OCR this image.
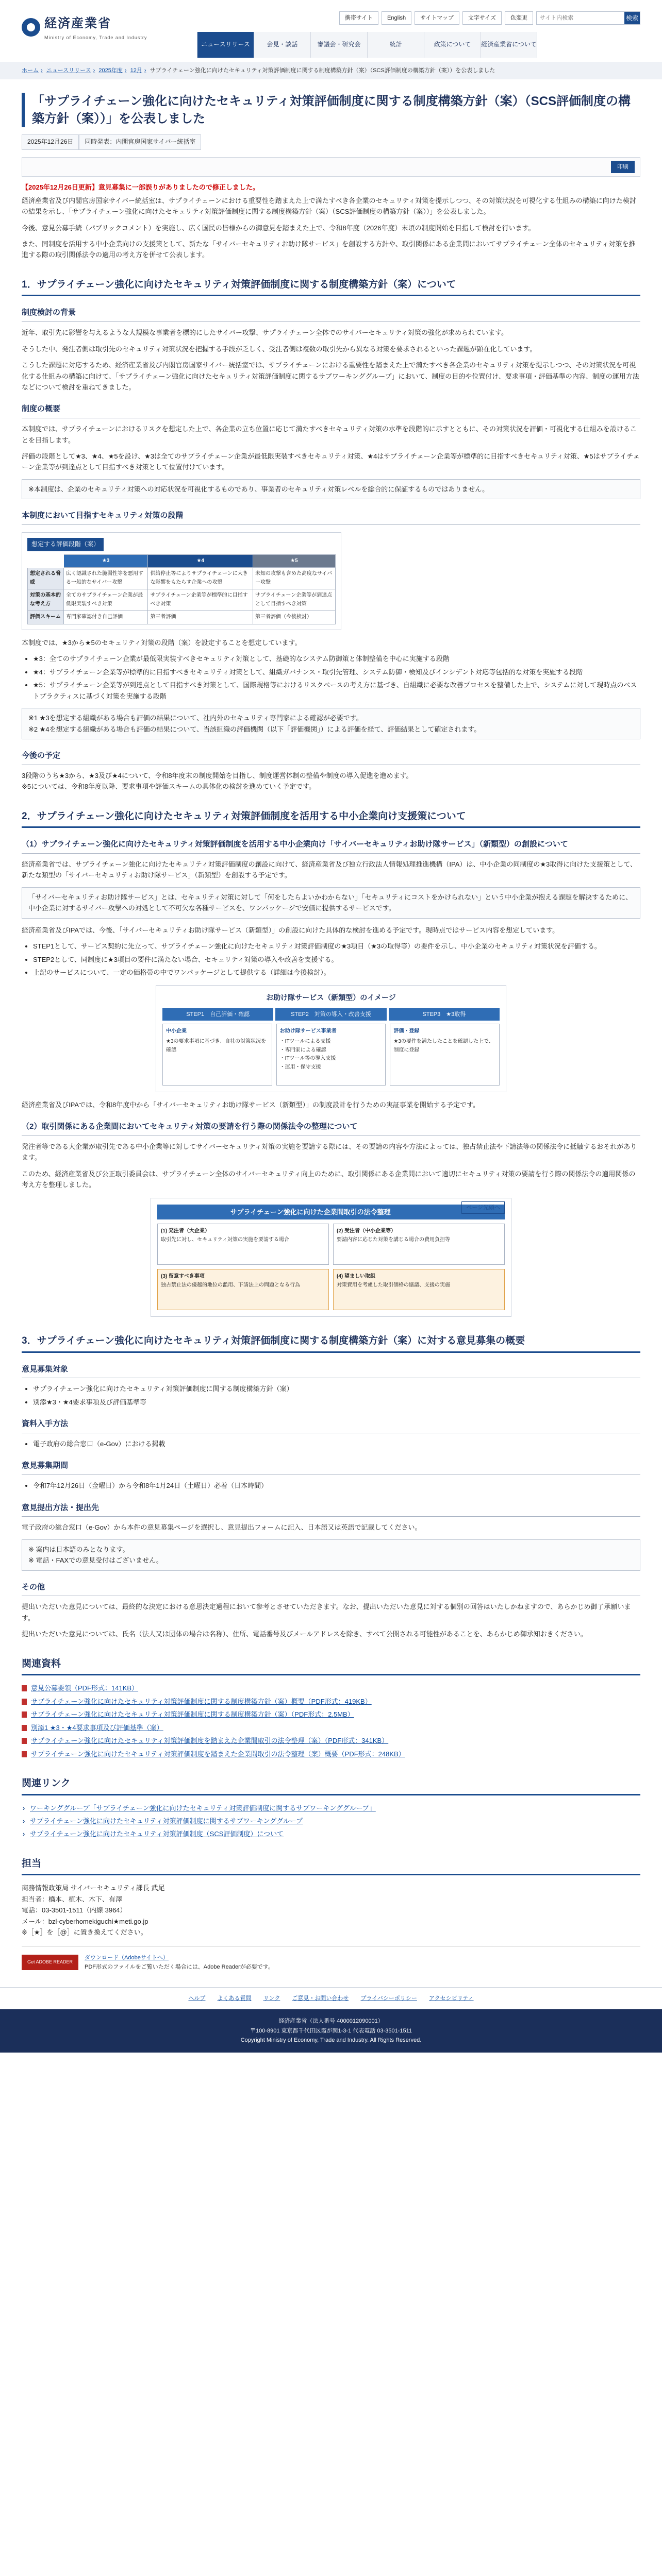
経済産業省
Ministry of Economy, Trade and Industry
携帯サイト	English	サイトマップ	文字サイズ	色変更
サイト内検索	検索
ニュースリリース	会見・談話	審議会・研究会	統計	政策について	経済産業省について
ホーム › ニュースリリース › 2025年度 › 12月 › サプライチェーン強化に向けたセキュリティ対策評価制度に関する制度構築方針（案）（SCS評価制度の構築方針（案））を公表しました
「サプライチェーン強化に向けたセキュリティ対策評価制度に関する制度構築方針（案）（SCS評価制度の構築方針（案））」を公表しました
2025年12月26日	同時発表：内閣官房国家サイバー統括室
印刷

【2025年12月26日更新】意見募集に一部誤りがありましたので修正しました。

経済産業省及び内閣官房国家サイバー統括室は、サプライチェーンにおける重要性を踏まえた上で満たすべき各企業のセキュリティ対策を提示しつつ、その対策状況を可視化する仕組みの構築に向けた検討の結果を示し、「サプライチェーン強化に向けたセキュリティ対策評価制度に関する制度構築方針（案）（SCS評価制度の構築方針（案））」を公表しました。

今後、意見公募手続（パブリックコメント）を実施し、広く国民の皆様からの御意見を踏まえた上で、令和8年度（2026年度）末頃の制度開始を目指して検討を行います。

また、同制度を活用する中小企業向けの支援策として、新たな「サイバーセキュリティお助け隊サービス」を創設する方針や、取引関係にある企業間においてサプライチェーン全体のセキュリティ対策を推進する際の取引関係法令の適用の考え方を併せて公表します。

1．サプライチェーン強化に向けたセキュリティ対策評価制度に関する制度構築方針（案）について
制度検討の背景

近年、取引先に影響を与えるような大規模な事業者を標的にしたサイバー攻撃、サプライチェーン全体でのサイバーセキュリティ対策の強化が求められています。

そうした中、発注者側は取引先のセキュリティ対策状況を把握する手段が乏しく、受注者側は複数の取引先から異なる対策を要求されるといった課題が顕在化しています。

こうした課題に対応するため、経済産業省及び内閣官房国家サイバー統括室では、サプライチェーンにおける重要性を踏まえた上で満たすべき各企業のセキュリティ対策を提示しつつ、その対策状況を可視化する仕組みの構築に向けて、「サプライチェーン強化に向けたセキュリティ対策評価制度に関するサブワーキンググループ」において、制度の目的や位置付け、要求事項・評価基準の内容、制度の運用方法などについて検討を重ねてきました。

制度の概要

本制度では、サプライチェーンにおけるリスクを想定した上で、各企業の立ち位置に応じて満たすべきセキュリティ対策の水準を段階的に示すとともに、その対策状況を評価・可視化する仕組みを設けることを目指します。

評価の段階として★3、★4、★5を設け、★3は全てのサプライチェーン企業が最低限実装すべきセキュリティ対策、★4はサプライチェーン企業等が標準的に目指すべきセキュリティ対策、★5はサプライチェーン企業等が到達点として目指すべき対策として位置付けています。

※本制度は、企業のセキュリティ対策への対応状況を可視化するものであり、事業者のセキュリティ対策レベルを総合的に保証するものではありません。
本制度において目指すセキュリティ対策の段階
想定する評価段階（案）
	★3	★4	★5
想定される脅威	広く認識された脆弱性等を悪用する一般的なサイバー攻撃	供給停止等によりサプライチェーンに大きな影響をもたらす企業への攻撃	未知の攻撃も含めた高度なサイバー攻撃
対策の基本的な考え方	全てのサプライチェーン企業が最低限実装すべき対策	サプライチェーン企業等が標準的に目指すべき対策	サプライチェーン企業等が到達点として目指すべき対策
評価スキーム	専門家確認付き自己評価	第三者評価	第三者評価（今後検討）

本制度では、★3から★5のセキュリティ対策の段階（案）を設定することを想定しています。

• ★3：全てのサプライチェーン企業が最低限実装すべきセキュリティ対策として、基礎的なシステム防御策と体制整備を中心に実施する段階
• ★4：サプライチェーン企業等が標準的に目指すべきセキュリティ対策として、組織ガバナンス・取引先管理、システム防御・検知及びインシデント対応等包括的な対策を実施する段階
• ★5：サプライチェーン企業等が到達点として目指すべき対策として、国際規格等におけるリスクベースの考え方に基づき、自組織に必要な改善プロセスを整備した上で、システムに対して現時点のベストプラクティスに基づく対策を実施する段階
※1 ★3を想定する組織がある場合も評価の結果について、社内外のセキュリティ専門家による確認が必要です。
※2 ★4を想定する組織がある場合も評価の結果について、当該組織の評価機関（以下「評価機関」）による評価を経て、評価結果として確定されます。
今後の予定

3段階のうち★3から、★3及び★4について、令和8年度末の制度開始を目指し、制度運営体制の整備や制度の導入促進を進めます。
※5については、令和8年度以降、要求事項や評価スキームの具体化の検討を進めていく予定です。

2．サプライチェーン強化に向けたセキュリティ対策評価制度を活用する中小企業向け支援策について
（1）サプライチェーン強化に向けたセキュリティ対策評価制度を活用する中小企業向け「サイバーセキュリティお助け隊サービス」（新類型）の創設について

経済産業省では、サプライチェーン強化に向けたセキュリティ対策評価制度の創設に向けて、経済産業省及び独立行政法人情報処理推進機構（IPA）は、中小企業の同制度の★3取得に向けた支援策として、新たな類型の「サイバーセキュリティお助け隊サービス」（新類型）を創設する予定です。

「サイバーセキュリティお助け隊サービス」とは、セキュリティ対策に対して「何をしたらよいかわからない」「セキュリティにコストをかけられない」という中小企業が抱える課題を解決するために、中小企業に対するサイバー攻撃への対処として不可欠な各種サービスを、ワンパッケージで安価に提供するサービスです。

経済産業省及びIPAでは、今後、「サイバーセキュリティお助け隊サービス（新類型）」の創設に向けた具体的な検討を進める予定です。現時点ではサービス内容を想定しています。

• STEP1として、サービス契約に先立って、サプライチェーン強化に向けたセキュリティ対策評価制度の★3項目（★3の取得等）の要件を示し、中小企業のセキュリティ対策状況を評価する。
• STEP2として、同制度に★3項目の要件に満たない場合、セキュリティ対策の導入や改善を支援する。
• 上記のサービスについて、一定の価格帯の中でワンパッケージとして提供する（詳細は今後検討）。
お助け隊サービス（新類型）のイメージ
STEP1　自己評価・確認	STEP2　対策の導入・改善支援	STEP3　★3取得
中小企業
★3の要求事項に基づき、自社の対策状況を確認
お助け隊サービス事業者
・ITツールによる支援
・専門家による確認
・ITツール等の導入支援
・運用・保守支援
評価・登録
★3の要件を満たしたことを確認した上で、制度に登録

経済産業省及びIPAでは、令和8年度中から「サイバーセキュリティお助け隊サービス（新類型）」の制度設計を行うための実証事業を開始する予定です。

（2）取引関係にある企業間においてセキュリティ対策の要請を行う際の関係法令の整理について

発注者等である大企業が取引先である中小企業等に対してサイバーセキュリティ対策の実施を要請する際には、その要請の内容や方法によっては、独占禁止法や下請法等の関係法令に抵触するおそれがあります。

このため、経済産業省及び公正取引委員会は、サプライチェーン全体のサイバーセキュリティ向上のために、取引関係にある企業間において適切にセキュリティ対策の要請を行う際の関係法令の適用関係の考え方を整理しました。

ページ先頭へ
サプライチェーン強化に向けた企業間取引の法令整理
(1) 発注者（大企業）
取引先に対し、セキュリティ対策の実施を要請する場合
(2) 受注者（中小企業等）
要請内容に応じた対策を講じる場合の費用負担等
(3) 留意すべき事項
独占禁止法の優越的地位の濫用、下請法上の問題となる行為
(4) 望ましい取組
対策費用を考慮した取引価格の協議、支援の実施
3．サプライチェーン強化に向けたセキュリティ対策評価制度に関する制度構築方針（案）に対する意見募集の概要
意見募集対象
• サプライチェーン強化に向けたセキュリティ対策評価制度に関する制度構築方針（案）
• 別添★3・★4要求事項及び評価基準等
資料入手方法
• 電子政府の総合窓口（e-Gov）における掲載
意見募集期間
• 令和7年12月26日（金曜日）から令和8年1月24日（土曜日）必着（日本時間）
意見提出方法・提出先

電子政府の総合窓口（e-Gov）から本件の意見募集ページを選択し、意見提出フォームに記入、日本語又は英語で記載してください。

※ 案内は日本語のみとなります。
※ 電話・FAXでの意見受付はございません。
その他

提出いただいた意見については、最終的な決定における意思決定過程において参考とさせていただきます。なお、提出いただいた意見に対する個別の回答はいたしかねますので、あらかじめ御了承願います。

提出いただいた意見については、氏名（法人又は団体の場合は名称）、住所、電話番号及びメールアドレスを除き、すべて公開される可能性があることを、あらかじめ御承知おきください。

関連資料
意見公募要領（PDF形式：141KB）
サプライチェーン強化に向けたセキュリティ対策評価制度に関する制度構築方針（案）概要（PDF形式：419KB）
サプライチェーン強化に向けたセキュリティ対策評価制度に関する制度構築方針（案）（PDF形式：2.5MB）
別添1 ★3・★4要求事項及び評価基準（案）
サプライチェーン強化に向けたセキュリティ対策評価制度を踏まえた企業間取引の法令整理（案）（PDF形式：341KB）
サプライチェーン強化に向けたセキュリティ対策評価制度を踏まえた企業間取引の法令整理（案）概要（PDF形式：248KB）
関連リンク
› ワーキンググループ「サプライチェーン強化に向けたセキュリティ対策評価制度に関するサブワーキンググループ」
› サプライチェーン強化に向けたセキュリティ対策評価制度に関するサブワーキンググループ
› サプライチェーン強化に向けたセキュリティ対策評価制度（SCS評価制度）について
担当
商務情報政策局 サイバーセキュリティ課長 武尾
担当者：橋本、植木、木下、有澤
電話：03-3501-1511（内線 3964）
メール：bzl-cyberhomekiguchi★meti.go.jp
※［★］を［@］に置き換えてください。
Get ADOBE READER
ダウンロード（Adobeサイトへ）
PDF形式のファイルをご覧いただく場合には、Adobe Readerが必要です。
ヘルプ よくある質問 リンク ご意見・お問い合わせ プライバシーポリシー アクセシビリティ
経済産業省（法人番号 4000012090001）
〒100-8901 東京都千代田区霞が関1-3-1 代表電話 03-3501-1511
Copyright Ministry of Economy, Trade and Industry. All Rights Reserved.
